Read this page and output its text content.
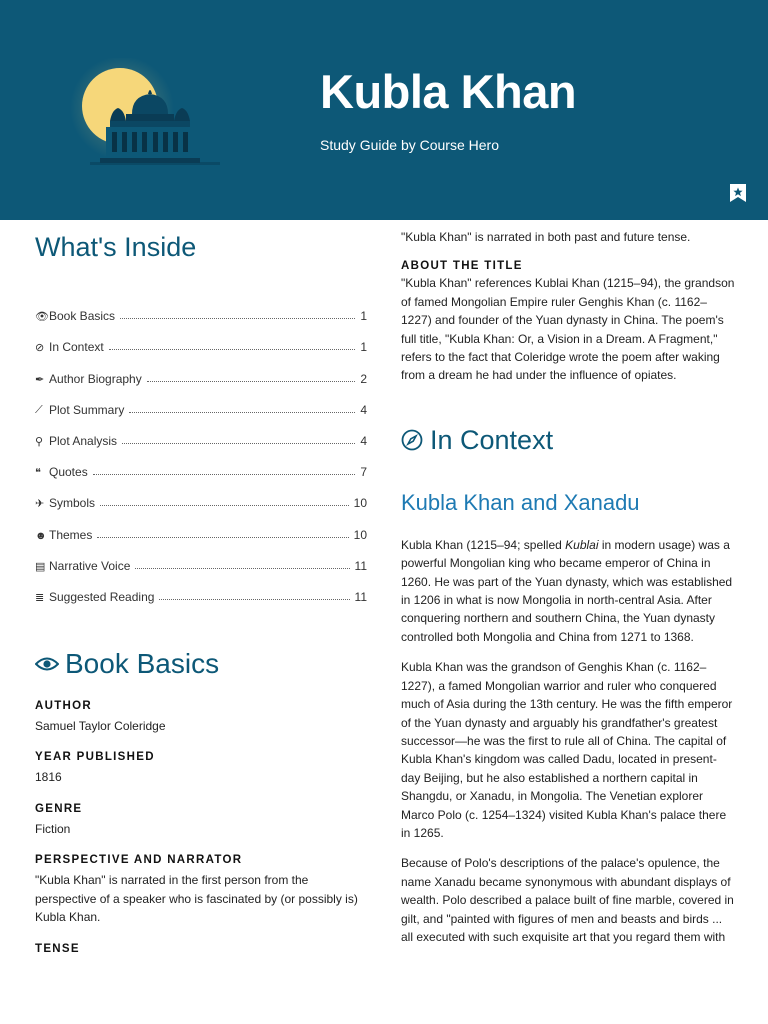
Kubla Khan
Study Guide by Course Hero
What's Inside
👁 Book Basics	1
⊘ In Context	1
✒ Author Biography	2
⟋ Plot Summary	4
⚲ Plot Analysis	4
❝ Quotes	7
✈ Symbols	10
☻ Themes	10
▤ Narrative Voice	11
≣ Suggested Reading	11
Book Basics
AUTHOR
Samuel Taylor Coleridge
YEAR PUBLISHED
1816
GENRE
Fiction
PERSPECTIVE AND NARRATOR
"Kubla Khan" is narrated in the first person from the perspective of a speaker who is fascinated by (or possibly is) Kubla Khan.
TENSE
"Kubla Khan" is narrated in both past and future tense.
ABOUT THE TITLE
"Kubla Khan" references Kublai Khan (1215–94), the grandson of famed Mongolian Empire ruler Genghis Khan (c. 1162–1227) and founder of the Yuan dynasty in China. The poem's full title, "Kubla Khan: Or, a Vision in a Dream. A Fragment," refers to the fact that Coleridge wrote the poem after waking from a dream he had under the influence of opiates.
In Context
Kubla Khan and Xanadu
Kubla Khan (1215–94; spelled Kublai in modern usage) was a powerful Mongolian king who became emperor of China in 1260. He was part of the Yuan dynasty, which was established in 1206 in what is now Mongolia in north-central Asia. After conquering northern and southern China, the Yuan dynasty controlled both Mongolia and China from 1271 to 1368.
Kubla Khan was the grandson of Genghis Khan (c. 1162–1227), a famed Mongolian warrior and ruler who conquered much of Asia during the 13th century. He was the fifth emperor of the Yuan dynasty and arguably his grandfather's greatest successor—he was the first to rule all of China. The capital of Kubla Khan's kingdom was called Dadu, located in present-day Beijing, but he also established a northern capital in Shangdu, or Xanadu, in Mongolia. The Venetian explorer Marco Polo (c. 1254–1324) visited Kubla Khan's palace there in 1265.
Because of Polo's descriptions of the palace's opulence, the name Xanadu became synonymous with abundant displays of wealth. Polo described a palace built of fine marble, covered in gilt, and "painted with figures of men and beasts and birds ... all executed with such exquisite art that you regard them with
